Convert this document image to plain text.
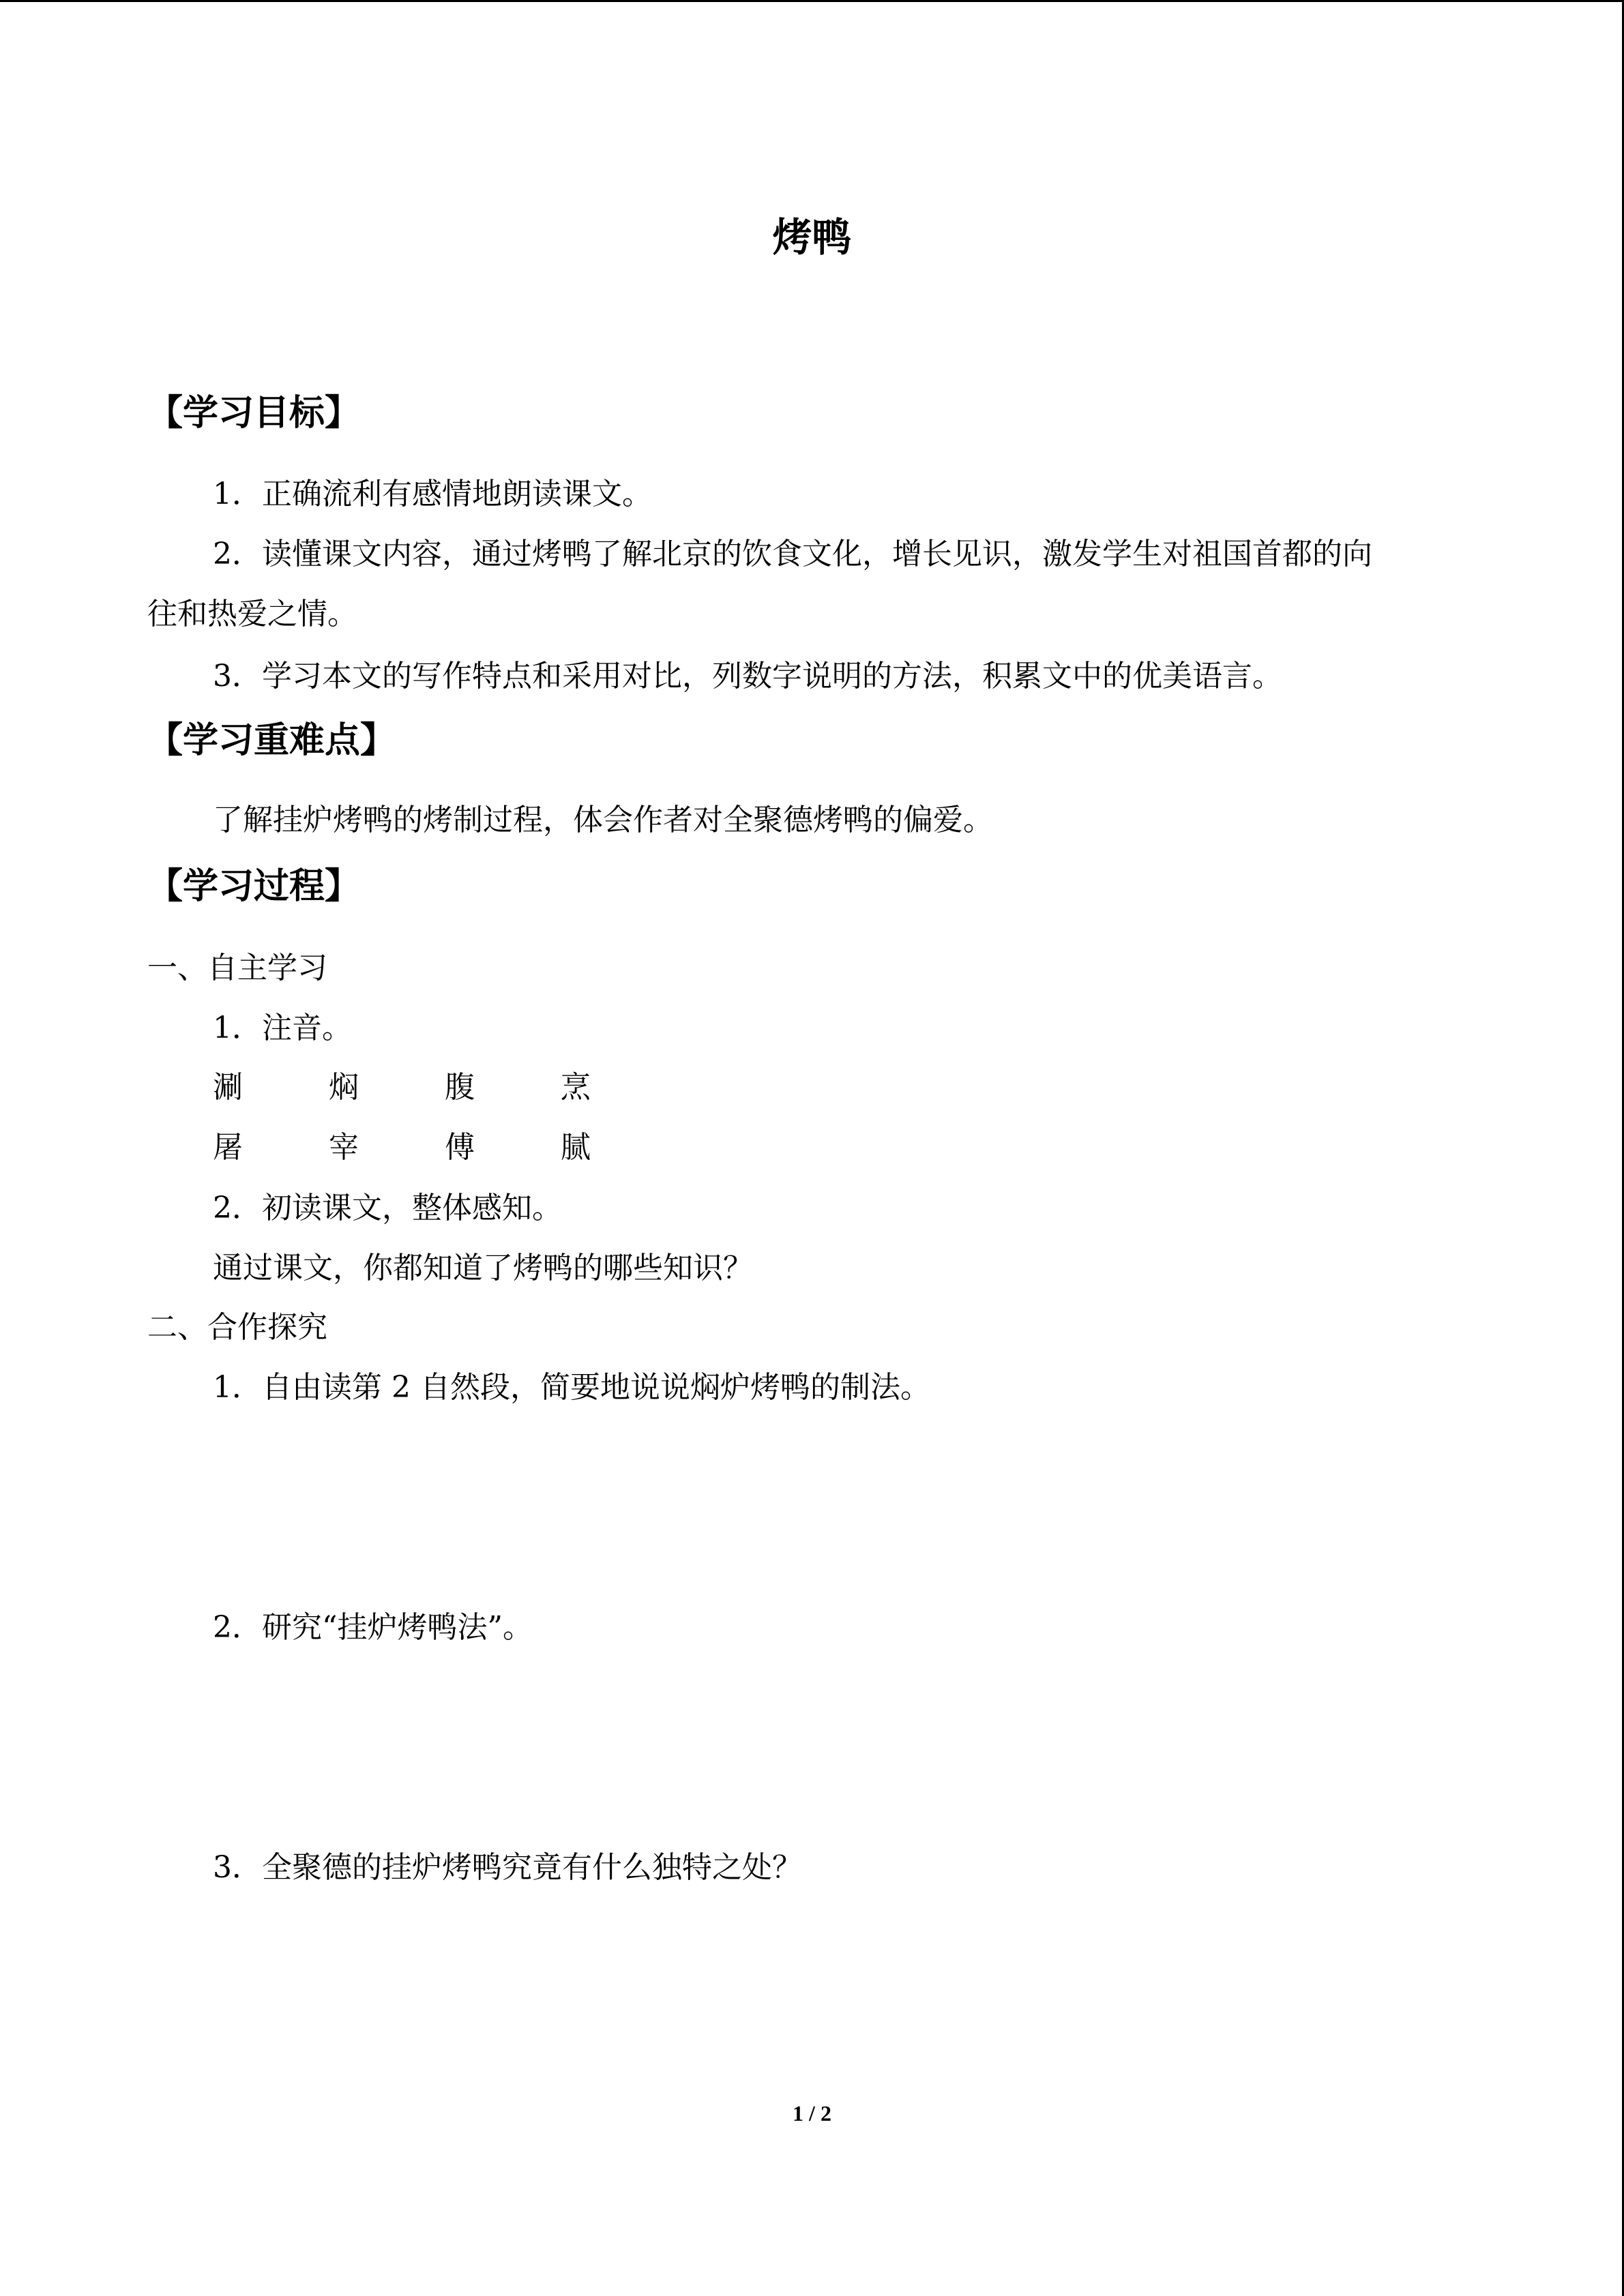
烤鸭
【学习目标】
1．正确流利有感情地朗读课文。
2．读懂课文内容，通过烤鸭了解北京的饮食文化，增长见识，激发学生对祖国首都的向
往和热爱之情。
3．学习本文的写作特点和采用对比，列数字说明的方法，积累文中的优美语言。
【学习重难点】
了解挂炉烤鸭的烤制过程，体会作者对全聚德烤鸭的偏爱。
【学习过程】
一、自主学习
1．注音。
涮	焖	腹	烹
屠	宰	傅	腻
2．初读课文，整体感知。
通过课文，你都知道了烤鸭的哪些知识？
二、合作探究
1．自由读第 2 自然段，简要地说说焖炉烤鸭的制法。
2．研究“挂炉烤鸭法”。
3．全聚德的挂炉烤鸭究竟有什么独特之处？
1 / 2
